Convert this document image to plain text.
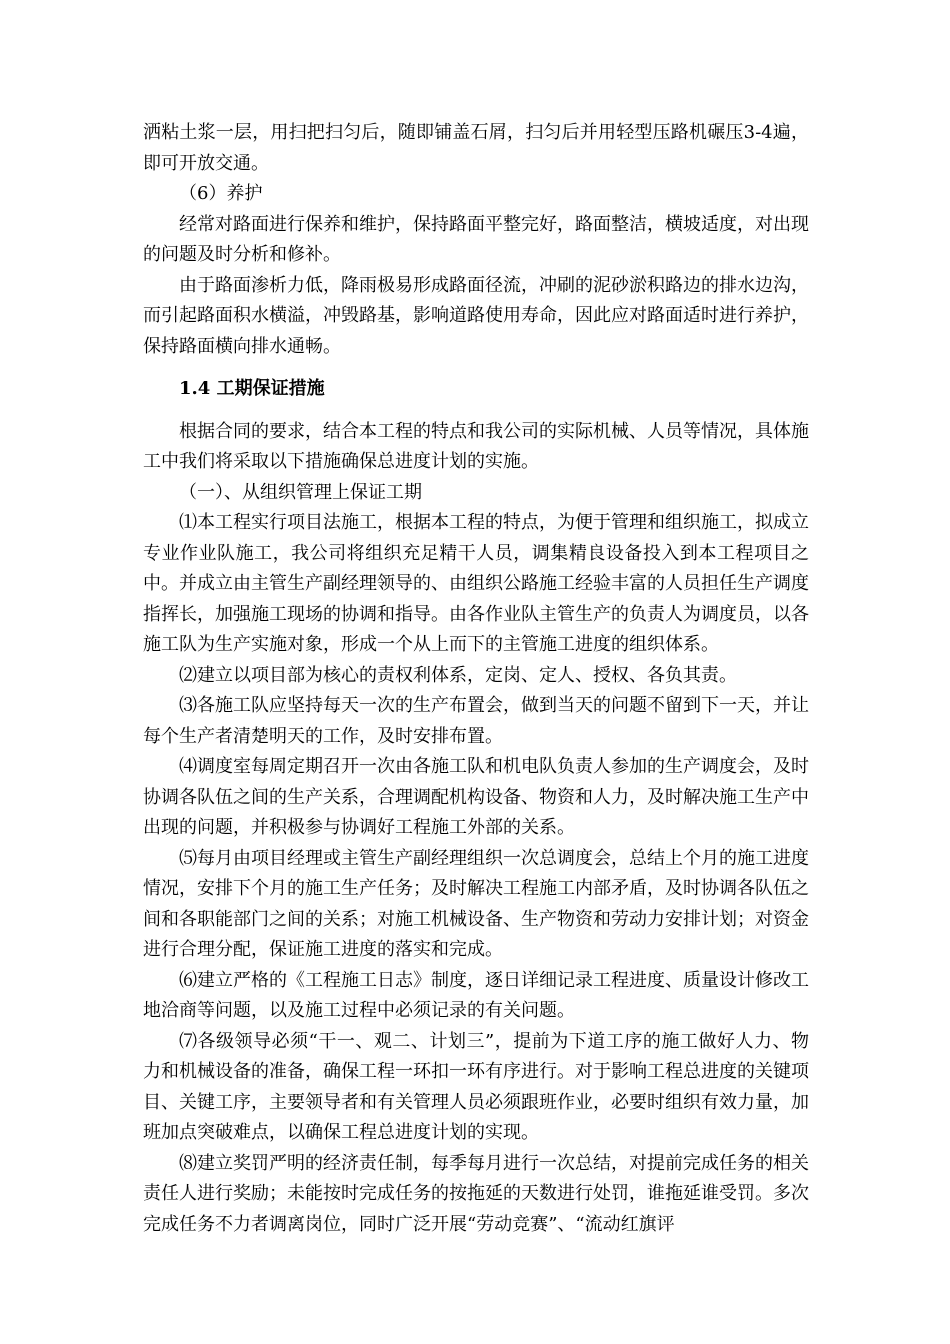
洒粘土浆一层，用扫把扫匀后，随即铺盖石屑，扫匀后并用轻型压路机碾压3-4遍，即可开放交通。

（6）养护

经常对路面进行保养和维护，保持路面平整完好，路面整洁，横坡适度，对出现的问题及时分析和修补。

由于路面渗析力低，降雨极易形成路面径流，冲刷的泥砂淤积路边的排水边沟，而引起路面积水横溢，冲毁路基，影响道路使用寿命，因此应对路面适时进行养护，保持路面横向排水通畅。

1.4 工期保证措施

根据合同的要求，结合本工程的特点和我公司的实际机械、人员等情况，具体施工中我们将采取以下措施确保总进度计划的实施。

（一）、从组织管理上保证工期

⑴本工程实行项目法施工，根据本工程的特点，为便于管理和组织施工，拟成立专业作业队施工，我公司将组织充足精干人员，调集精良设备投入到本工程项目之中。并成立由主管生产副经理领导的、由组织公路施工经验丰富的人员担任生产调度指挥长，加强施工现场的协调和指导。由各作业队主管生产的负责人为调度员，以各施工队为生产实施对象，形成一个从上而下的主管施工进度的组织体系。

⑵建立以项目部为核心的责权利体系，定岗、定人、授权、各负其责。

⑶各施工队应坚持每天一次的生产布置会，做到当天的问题不留到下一天，并让每个生产者清楚明天的工作，及时安排布置。

⑷调度室每周定期召开一次由各施工队和机电队负责人参加的生产调度会，及时协调各队伍之间的生产关系，合理调配机构设备、物资和人力，及时解决施工生产中出现的问题，并积极参与协调好工程施工外部的关系。

⑸每月由项目经理或主管生产副经理组织一次总调度会，总结上个月的施工进度情况，安排下个月的施工生产任务；及时解决工程施工内部矛盾，及时协调各队伍之间和各职能部门之间的关系；对施工机械设备、生产物资和劳动力安排计划；对资金进行合理分配，保证施工进度的落实和完成。

⑹建立严格的《工程施工日志》制度，逐日详细记录工程进度、质量设计修改工地洽商等问题，以及施工过程中必须记录的有关问题。

⑺各级领导必须“干一、观二、计划三”，提前为下道工序的施工做好人力、物力和机械设备的准备，确保工程一环扣一环有序进行。对于影响工程总进度的关键项目、关键工序，主要领导者和有关管理人员必须跟班作业，必要时组织有效力量，加班加点突破难点，以确保工程总进度计划的实现。

⑻建立奖罚严明的经济责任制，每季每月进行一次总结，对提前完成任务的相关责任人进行奖励；未能按时完成任务的按拖延的天数进行处罚，谁拖延谁受罚。多次完成任务不力者调离岗位，同时广泛开展“劳动竞赛”、“流动红旗评
